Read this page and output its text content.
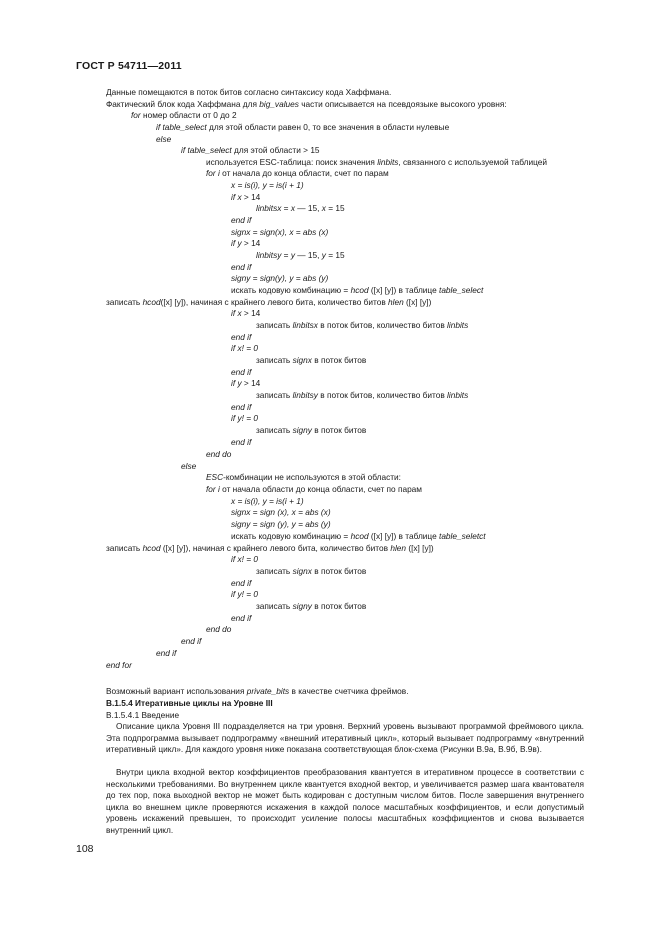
ГОСТ Р 54711—2011
Данные помещаются в поток битов согласно синтаксису кода Хаффмана.
Фактический блок кода Хаффмана для big_values части описывается на псевдоязыке высокого уровня:
for номер области от 0 до 2
if table_select для этой области равен 0, то все значения в области нулевые
else
if table_select для этой области > 15
используется ESC-таблица: поиск значения linbits, связанного с используемой таблицей
for i от начала до конца области, счет по парам
x = is(i), y = is(i + 1)
if x > 14
linbitsx = x — 15, x = 15
end if
signx = sign(x), x = abs (x)
if y > 14
linbitsy = y — 15, y = 15
end if
signy = sign(y), y = abs (y)
искать кодовую комбинацию = hcod ([x] [y]) в таблице table_select
записать hcod([x] [y]), начиная с крайнего левого бита, количество битов hlen ([x] [y])
if x > 14
записать linbitsx в поток битов, количество битов linbits
end if
if x! = 0
записать signx в поток битов
end if
if y > 14
записать linbitsy в поток битов, количество битов linbits
end if
if y! = 0
записать signy в поток битов
end if
end do
else
ESC-комбинации не используются в этой области:
for i от начала области до конца области, счет по парам
x = is(i), y = is(i + 1)
signx = sign (x), x = abs (x)
signy = sign (y), y = abs (y)
искать кодовую комбинацию = hcod ([x] [y]) в таблице table_seletct
записать hcod ([x] [y]), начиная с крайнего левого бита, количество битов hlen ([x] [y])
if x! = 0
записать signx в поток битов
end if
if y! = 0
записать signy в поток битов
end if
end do
end if
end if
end for
Возможный вариант использования private_bits в качестве счетчика фреймов.
В.1.5.4 Итеративные циклы на Уровне III
В.1.5.4.1 Введение
Описание цикла Уровня III подразделяется на три уровня. Верхний уровень вызывают программой фреймового цикла. Эта подпрограмма вызывает подпрограмму «внешний итеративный цикл», который вызывает подпрограмму «внутренний итеративный цикл». Для каждого уровня ниже показана соответствующая блок-схема (Рисунки В.9а, В.9б, В.9в).
Внутри цикла входной вектор коэффициентов преобразования квантуется в итеративном процессе в соответствии с несколькими требованиями. Во внутреннем цикле квантуется входной вектор, и увеличивается размер шага квантователя до тех пор, пока выходной вектор не может быть кодирован с доступным числом битов. После завершения внутреннего цикла во внешнем цикле проверяются искажения в каждой полосе масштабных коэффициентов, и если допустимый уровень искажений превышен, то происходит усиление полосы масштабных коэффициентов и снова вызывается внутренний цикл.
108
